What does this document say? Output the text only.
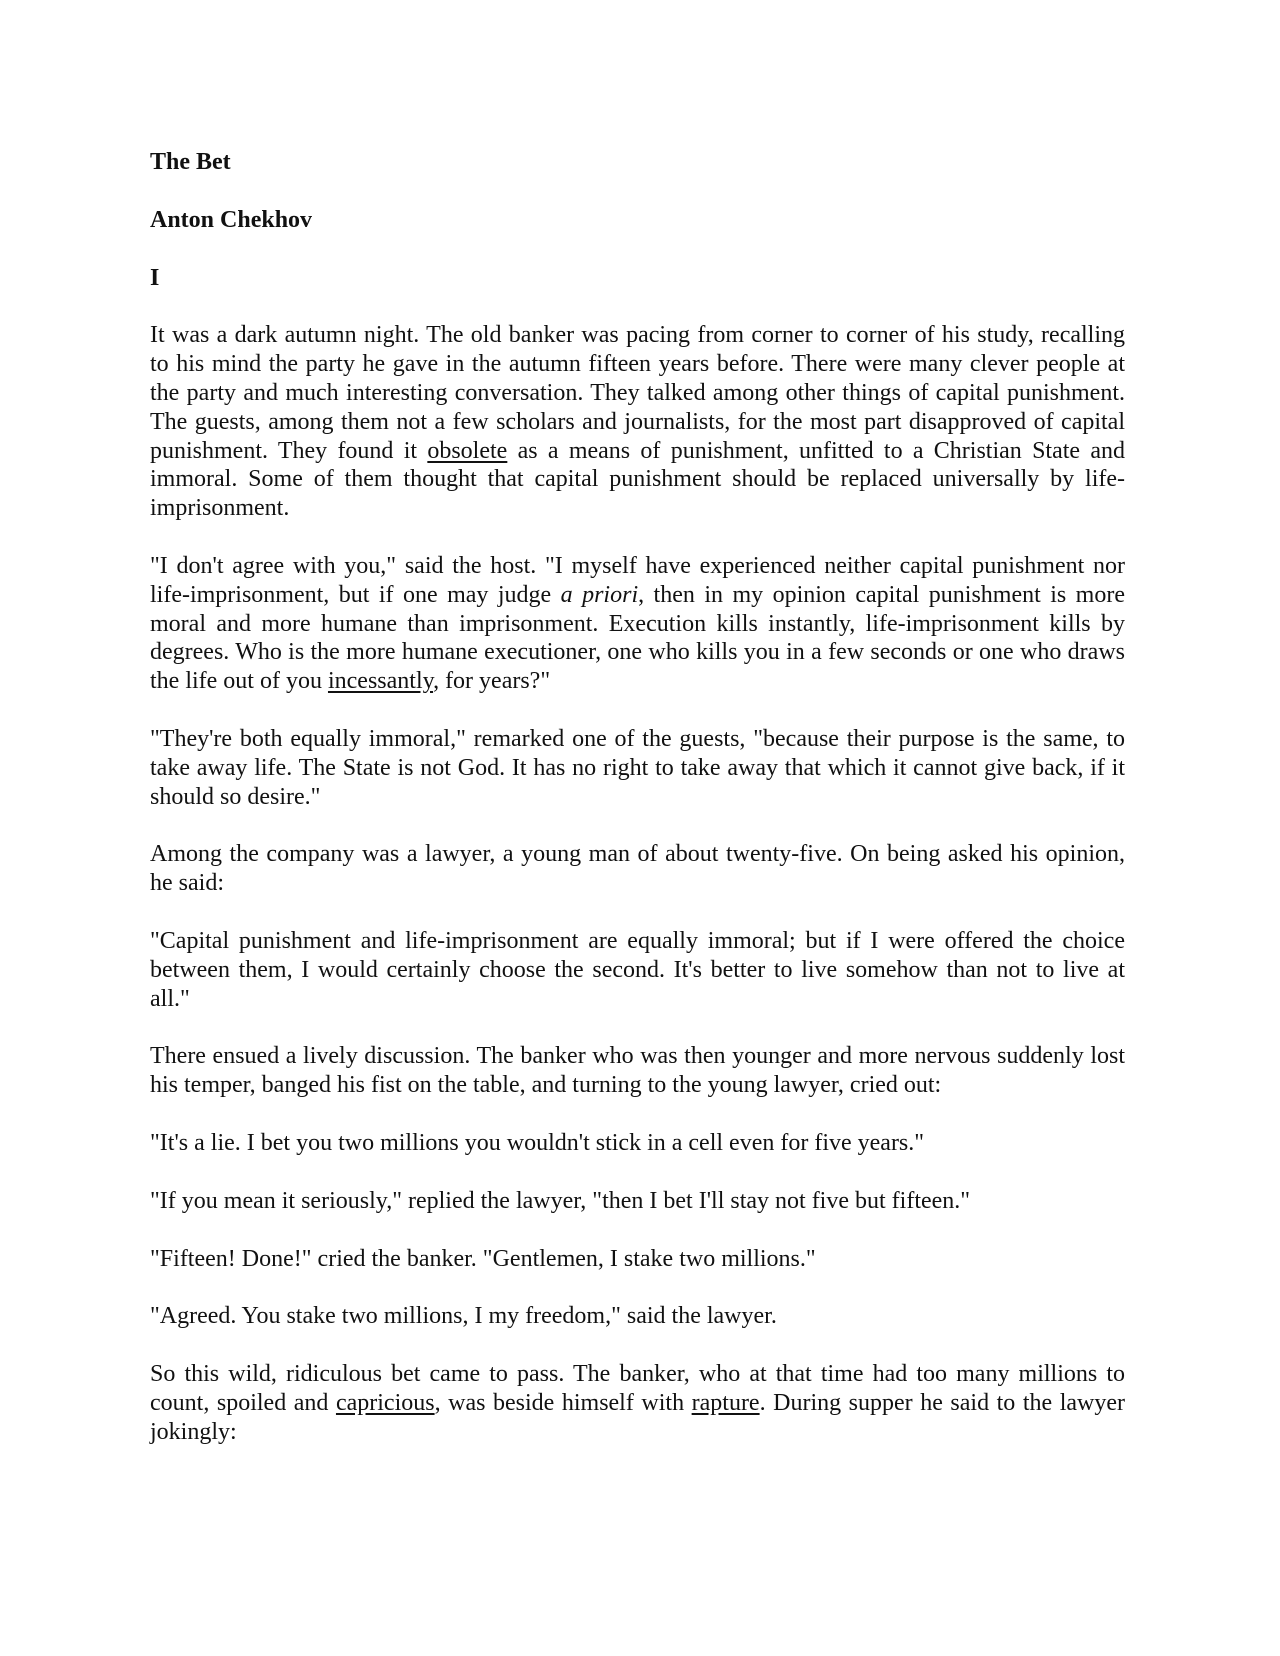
The Bet
Anton Chekhov
I

It was a dark autumn night. The old banker was pacing from corner to corner of his study, recalling to his mind the party he gave in the autumn fifteen years before. There were many clever people at the party and much interesting conversation. They talked among other things of capital punishment. The guests, among them not a few scholars and journalists, for the most part disapproved of capital punishment. They found it obsolete as a means of punishment, unfitted to a Christian State and immoral. Some of them thought that capital punishment should be replaced universally by life-imprisonment.

"I don't agree with you," said the host. "I myself have experienced neither capital punishment nor life-imprisonment, but if one may judge a priori, then in my opinion capital punishment is more moral and more humane than imprisonment. Execution kills instantly, life-imprisonment kills by degrees. Who is the more humane executioner, one who kills you in a few seconds or one who draws the life out of you incessantly, for years?"

"They're both equally immoral," remarked one of the guests, "because their purpose is the same, to take away life. The State is not God. It has no right to take away that which it cannot give back, if it should so desire."

Among the company was a lawyer, a young man of about twenty-five. On being asked his opinion, he said:

"Capital punishment and life-imprisonment are equally immoral; but if I were offered the choice between them, I would certainly choose the second. It's better to live somehow than not to live at all."

There ensued a lively discussion. The banker who was then younger and more nervous suddenly lost his temper, banged his fist on the table, and turning to the young lawyer, cried out:

"It's a lie. I bet you two millions you wouldn't stick in a cell even for five years."

"If you mean it seriously," replied the lawyer, "then I bet I'll stay not five but fifteen."

"Fifteen! Done!" cried the banker. "Gentlemen, I stake two millions."

"Agreed. You stake two millions, I my freedom," said the lawyer.

So this wild, ridiculous bet came to pass. The banker, who at that time had too many millions to count, spoiled and capricious, was beside himself with rapture. During supper he said to the lawyer jokingly:
